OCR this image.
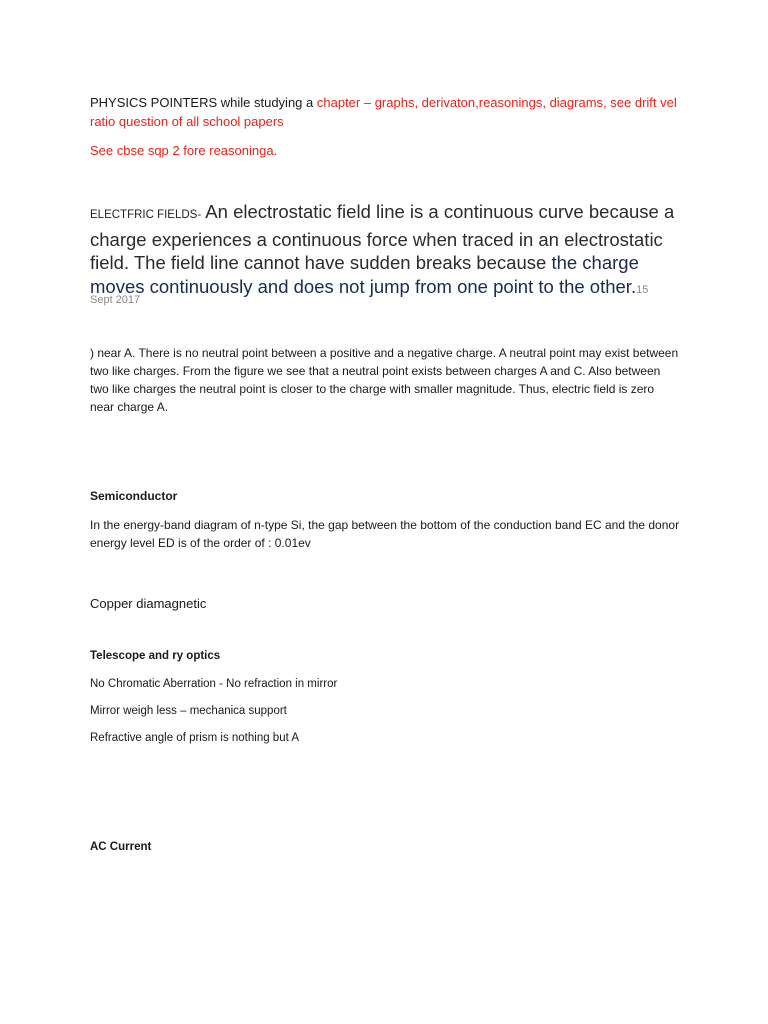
PHYSICS POINTERS while studying a chapter – graphs, derivaton,reasonings, diagrams, see drift vel ratio question of all school papers

See cbse sqp 2 fore reasoninga.

ELECTFRIC FIELDS- An electrostatic field line is a continuous curve because a charge experiences a continuous force when traced in an electrostatic field. The field line cannot have sudden breaks because the charge moves continuously and does not jump from one point to the other.15

Sept 2017

) near A. There is no neutral point between a positive and a negative charge. A neutral point may exist between two like charges. From the figure we see that a neutral point exists between charges A and C. Also between two like charges the neutral point is closer to the charge with smaller magnitude. Thus, electric field is zero near charge A.

Semiconductor

In the energy-band diagram of n-type Si, the gap between the bottom of the conduction band EC and the donor energy level ED is of the order of : 0.01ev

Copper diamagnetic

Telescope and ry optics

No Chromatic Aberration - No refraction in mirror

Mirror weigh less – mechanica support

Refractive angle of prism is nothing but A

AC Current
